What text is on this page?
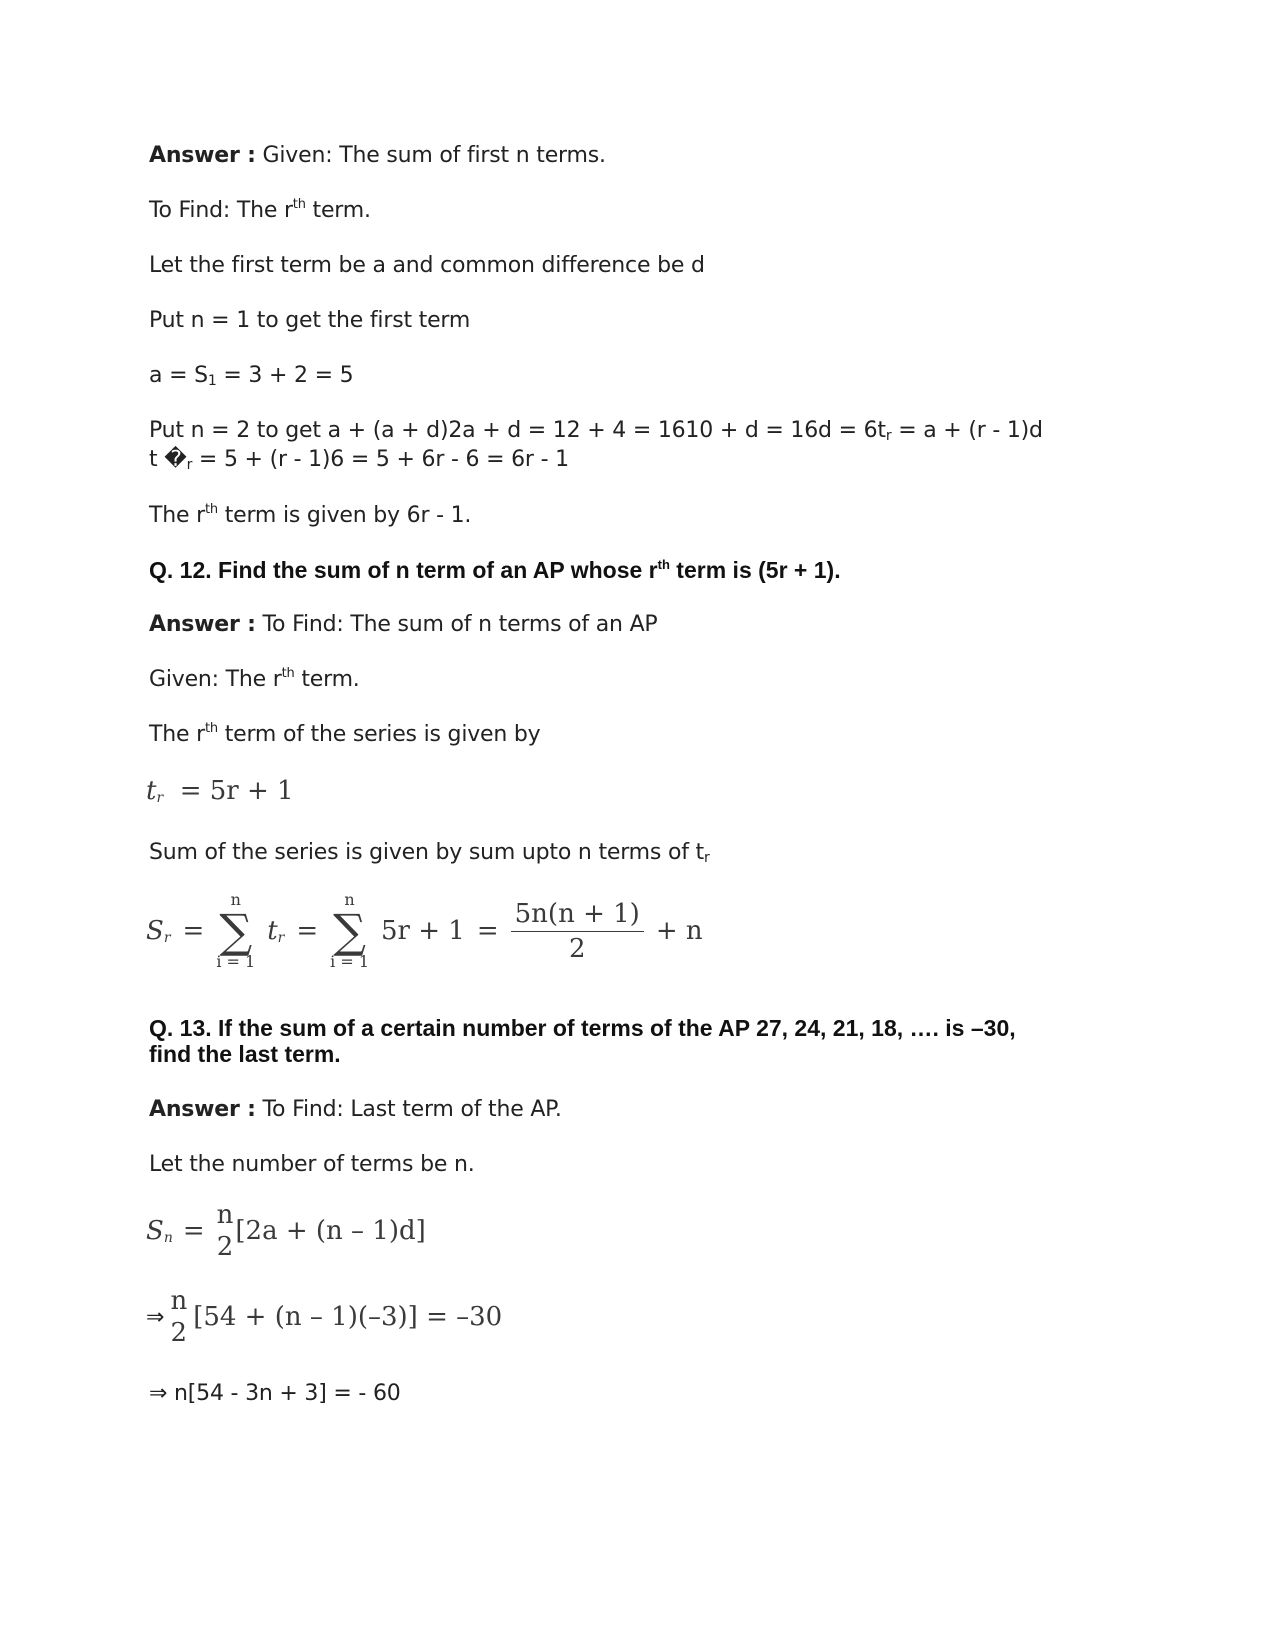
Answer : Given: The sum of first n terms.
To Find: The $r^{th}$ term.
Let the first term be a and common difference be d
Put n = 1 to get the first term
$a = S_1 = 3 + 2 = 5$
Put n = 2 to get $a + (a + d)2a + d = 12 + 4 = 1610 + d = 16d = 6t_r = a + (r - 1)d$
t $�_r = 5 + (r - 1)6 = 5 + 6r - 6 = 6r - 1$
The $r^{th}$ term is given by 6r - 1.
Q. 12. Find the sum of n term of an AP whose $r^{th}$ term is (5r + 1).
Answer : To Find: The sum of n terms of an AP
Given: The $r^{th}$ term.
The $r^{th}$ term of the series is given by
$t_r = 5r + 1$
Sum of the series is given by sum upto n terms of $t_r$
$S_r$ =
n
∑
i = 1
$t_r$ =
n
∑
i = 1
$5r + 1 = \frac{5n(n + 1)}{2} + n$
Q. 13. If the sum of a certain number of terms of the AP 27, 24, 21, 18, …. is –30,
find the last term.
Answer : To Find: Last term of the AP.
Let the number of terms be n.
$S_n$ =
n
2
[2a + (n – 1)d]
⇒
n
2
[54 + (n – 1)(–3)] = –30
⇒ n[54 - 3n + 3] = - 60
